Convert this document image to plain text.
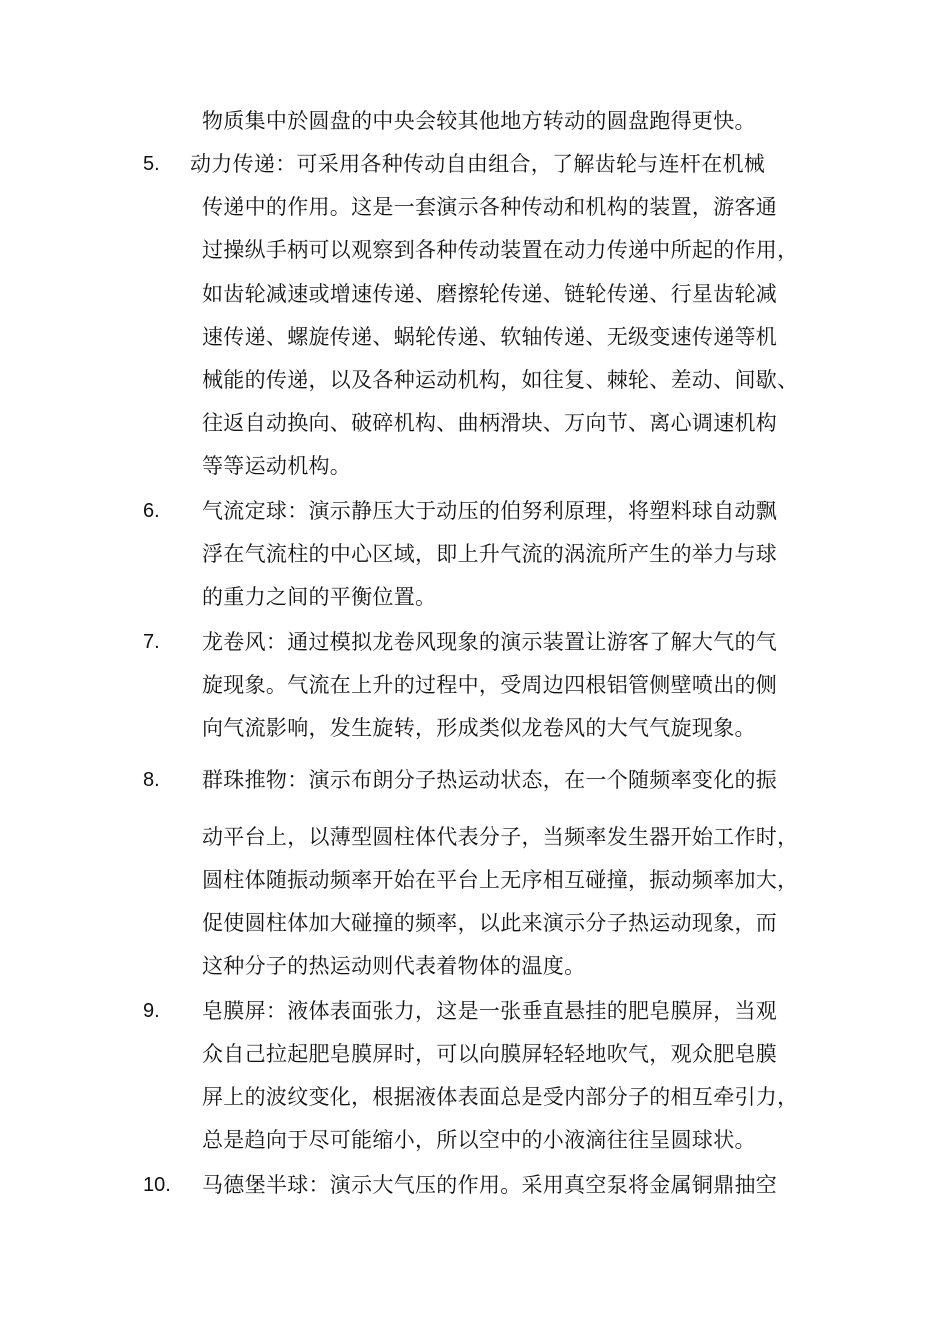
物质集中於圆盘的中央会较其他地方转动的圆盘跑得更快。
5. 动力传递：可采用各种传动自由组合，了解齿轮与连杆在机械
传递中的作用。这是一套演示各种传动和机构的装置，游客通
过操纵手柄可以观察到各种传动装置在动力传递中所起的作用，
如齿轮减速或增速传递、磨擦轮传递、链轮传递、行星齿轮减
速传递、螺旋传递、蜗轮传递、软轴传递、无级变速传递等机
械能的传递，以及各种运动机构，如往复、棘轮、差动、间歇、
往返自动换向、破碎机构、曲柄滑块、万向节、离心调速机构
等等运动机构。
6. 气流定球：演示静压大于动压的伯努利原理，将塑料球自动飘
浮在气流柱的中心区域，即上升气流的涡流所产生的举力与球
的重力之间的平衡位置。
7. 龙卷风：通过模拟龙卷风现象的演示装置让游客了解大气的气
旋现象。气流在上升的过程中，受周边四根铝管侧壁喷出的侧
向气流影响，发生旋转，形成类似龙卷风的大气气旋现象。
8. 群珠推物：演示布朗分子热运动状态，在一个随频率变化的振
动平台上，以薄型圆柱体代表分子，当频率发生器开始工作时，
圆柱体随振动频率开始在平台上无序相互碰撞，振动频率加大，
促使圆柱体加大碰撞的频率，以此来演示分子热运动现象，而
这种分子的热运动则代表着物体的温度。
9. 皂膜屏：液体表面张力，这是一张垂直悬挂的肥皂膜屏，当观
众自己拉起肥皂膜屏时，可以向膜屏轻轻地吹气，观众肥皂膜
屏上的波纹变化，根据液体表面总是受内部分子的相互牵引力，
总是趋向于尽可能缩小，所以空中的小液滴往往呈圆球状。
10. 马德堡半球：演示大气压的作用。采用真空泵将金属铜鼎抽空
